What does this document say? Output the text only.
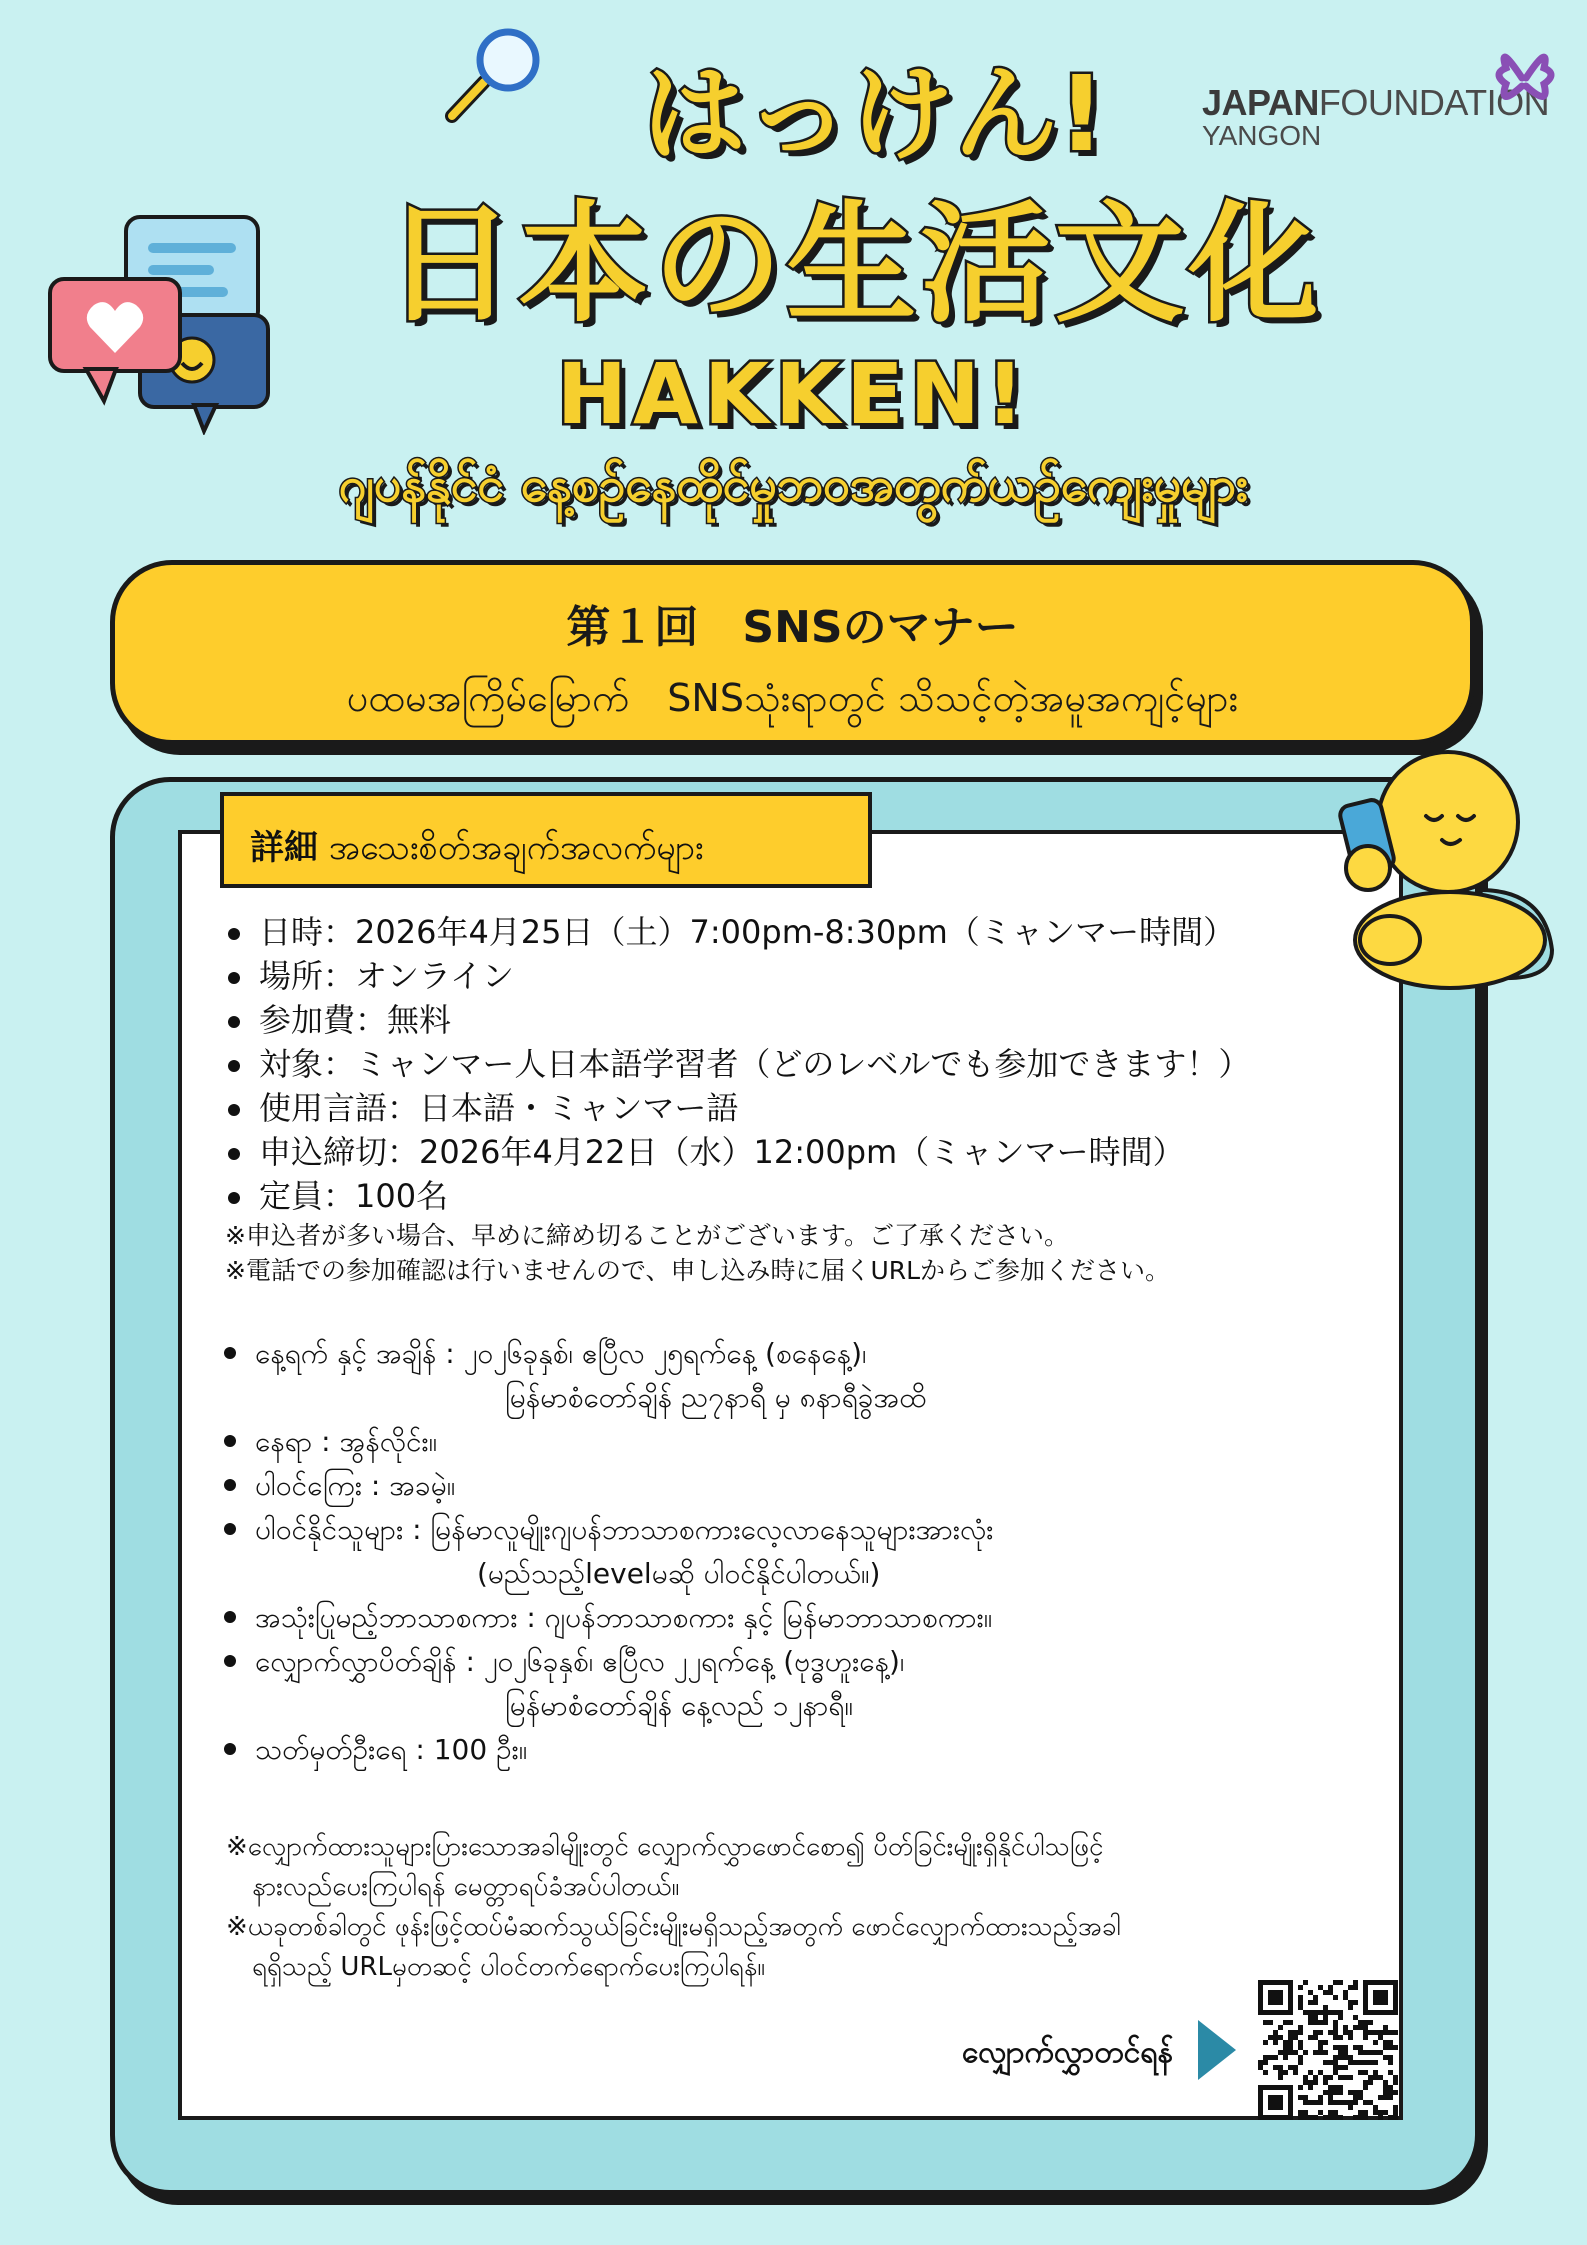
はっけん!
日本の生活文化
HAKKEN!
ဂျပန်နိုင်ငံ နေ့စဉ်နေထိုင်မှုဘဝအတွက်ယဉ်ကျေးမှုများ
JAPANFOUNDATION
YANGON
第１回　SNSのマナー
ပထမအကြိမ်မြောက်　SNSသုံးရာတွင် သိသင့်တဲ့အမူအကျင့်များ
詳細 အသေးစိတ်အချက်အလက်များ
日時：2026年4月25日（土）7:00pm-8:30pm（ミャンマー時間）
場所：オンライン
参加費：無料
対象：ミャンマー人日本語学習者（どのレベルでも参加できます！）
使用言語：日本語・ミャンマー語
申込締切：2026年4月22日（水）12:00pm（ミャンマー時間）
定員：100名
※申込者が多い場合、早めに締め切ることがございます。ご了承ください。
※電話での参加確認は行いませんので、申し込み時に届くURLからご参加ください。
နေ့ရက် နှင့် အချိန် : ၂၀၂၆ခုနှစ်၊ ဧပြီလ ၂၅ရက်နေ့ (စနေနေ့)၊
မြန်မာစံတော်ချိန် ည၇နာရီ မှ ၈နာရီခွဲအထိ
နေရာ : အွန်လိုင်း။
ပါဝင်ကြေး : အခမဲ့။
ပါဝင်နိုင်သူများ : မြန်မာလူမျိုးဂျပန်ဘာသာစကားလေ့လာနေသူများအားလုံး
(မည်သည့်levelမဆို ပါဝင်နိုင်ပါတယ်။)
အသုံးပြုမည့်ဘာသာစကား : ဂျပန်ဘာသာစကား နှင့် မြန်မာဘာသာစကား။
လျှောက်လွှာပိတ်ချိန် : ၂၀၂၆ခုနှစ်၊ ဧပြီလ ၂၂ရက်နေ့ (ဗုဒ္ဓဟူးနေ့)၊
မြန်မာစံတော်ချိန် နေ့လည် ၁၂နာရီ။
သတ်မှတ်ဦးရေ : 100 ဦး။
※လျှောက်ထားသူများပြားသောအခါမျိုးတွင် လျှောက်လွှာဖောင်စော၍ ပိတ်ခြင်းမျိုးရှိနိုင်ပါသဖြင့်
　နားလည်ပေးကြပါရန် မေတ္တာရပ်ခံအပ်ပါတယ်။
※ယခုတစ်ခါတွင် ဖုန်းဖြင့်ထပ်မံဆက်သွယ်ခြင်းမျိုးမရှိသည့်အတွက် ဖောင်လျှောက်ထားသည့်အခါ
　ရရှိသည့် URLမှတဆင့် ပါဝင်တက်ရောက်ပေးကြပါရန်။
လျှောက်လွှာတင်ရန်
